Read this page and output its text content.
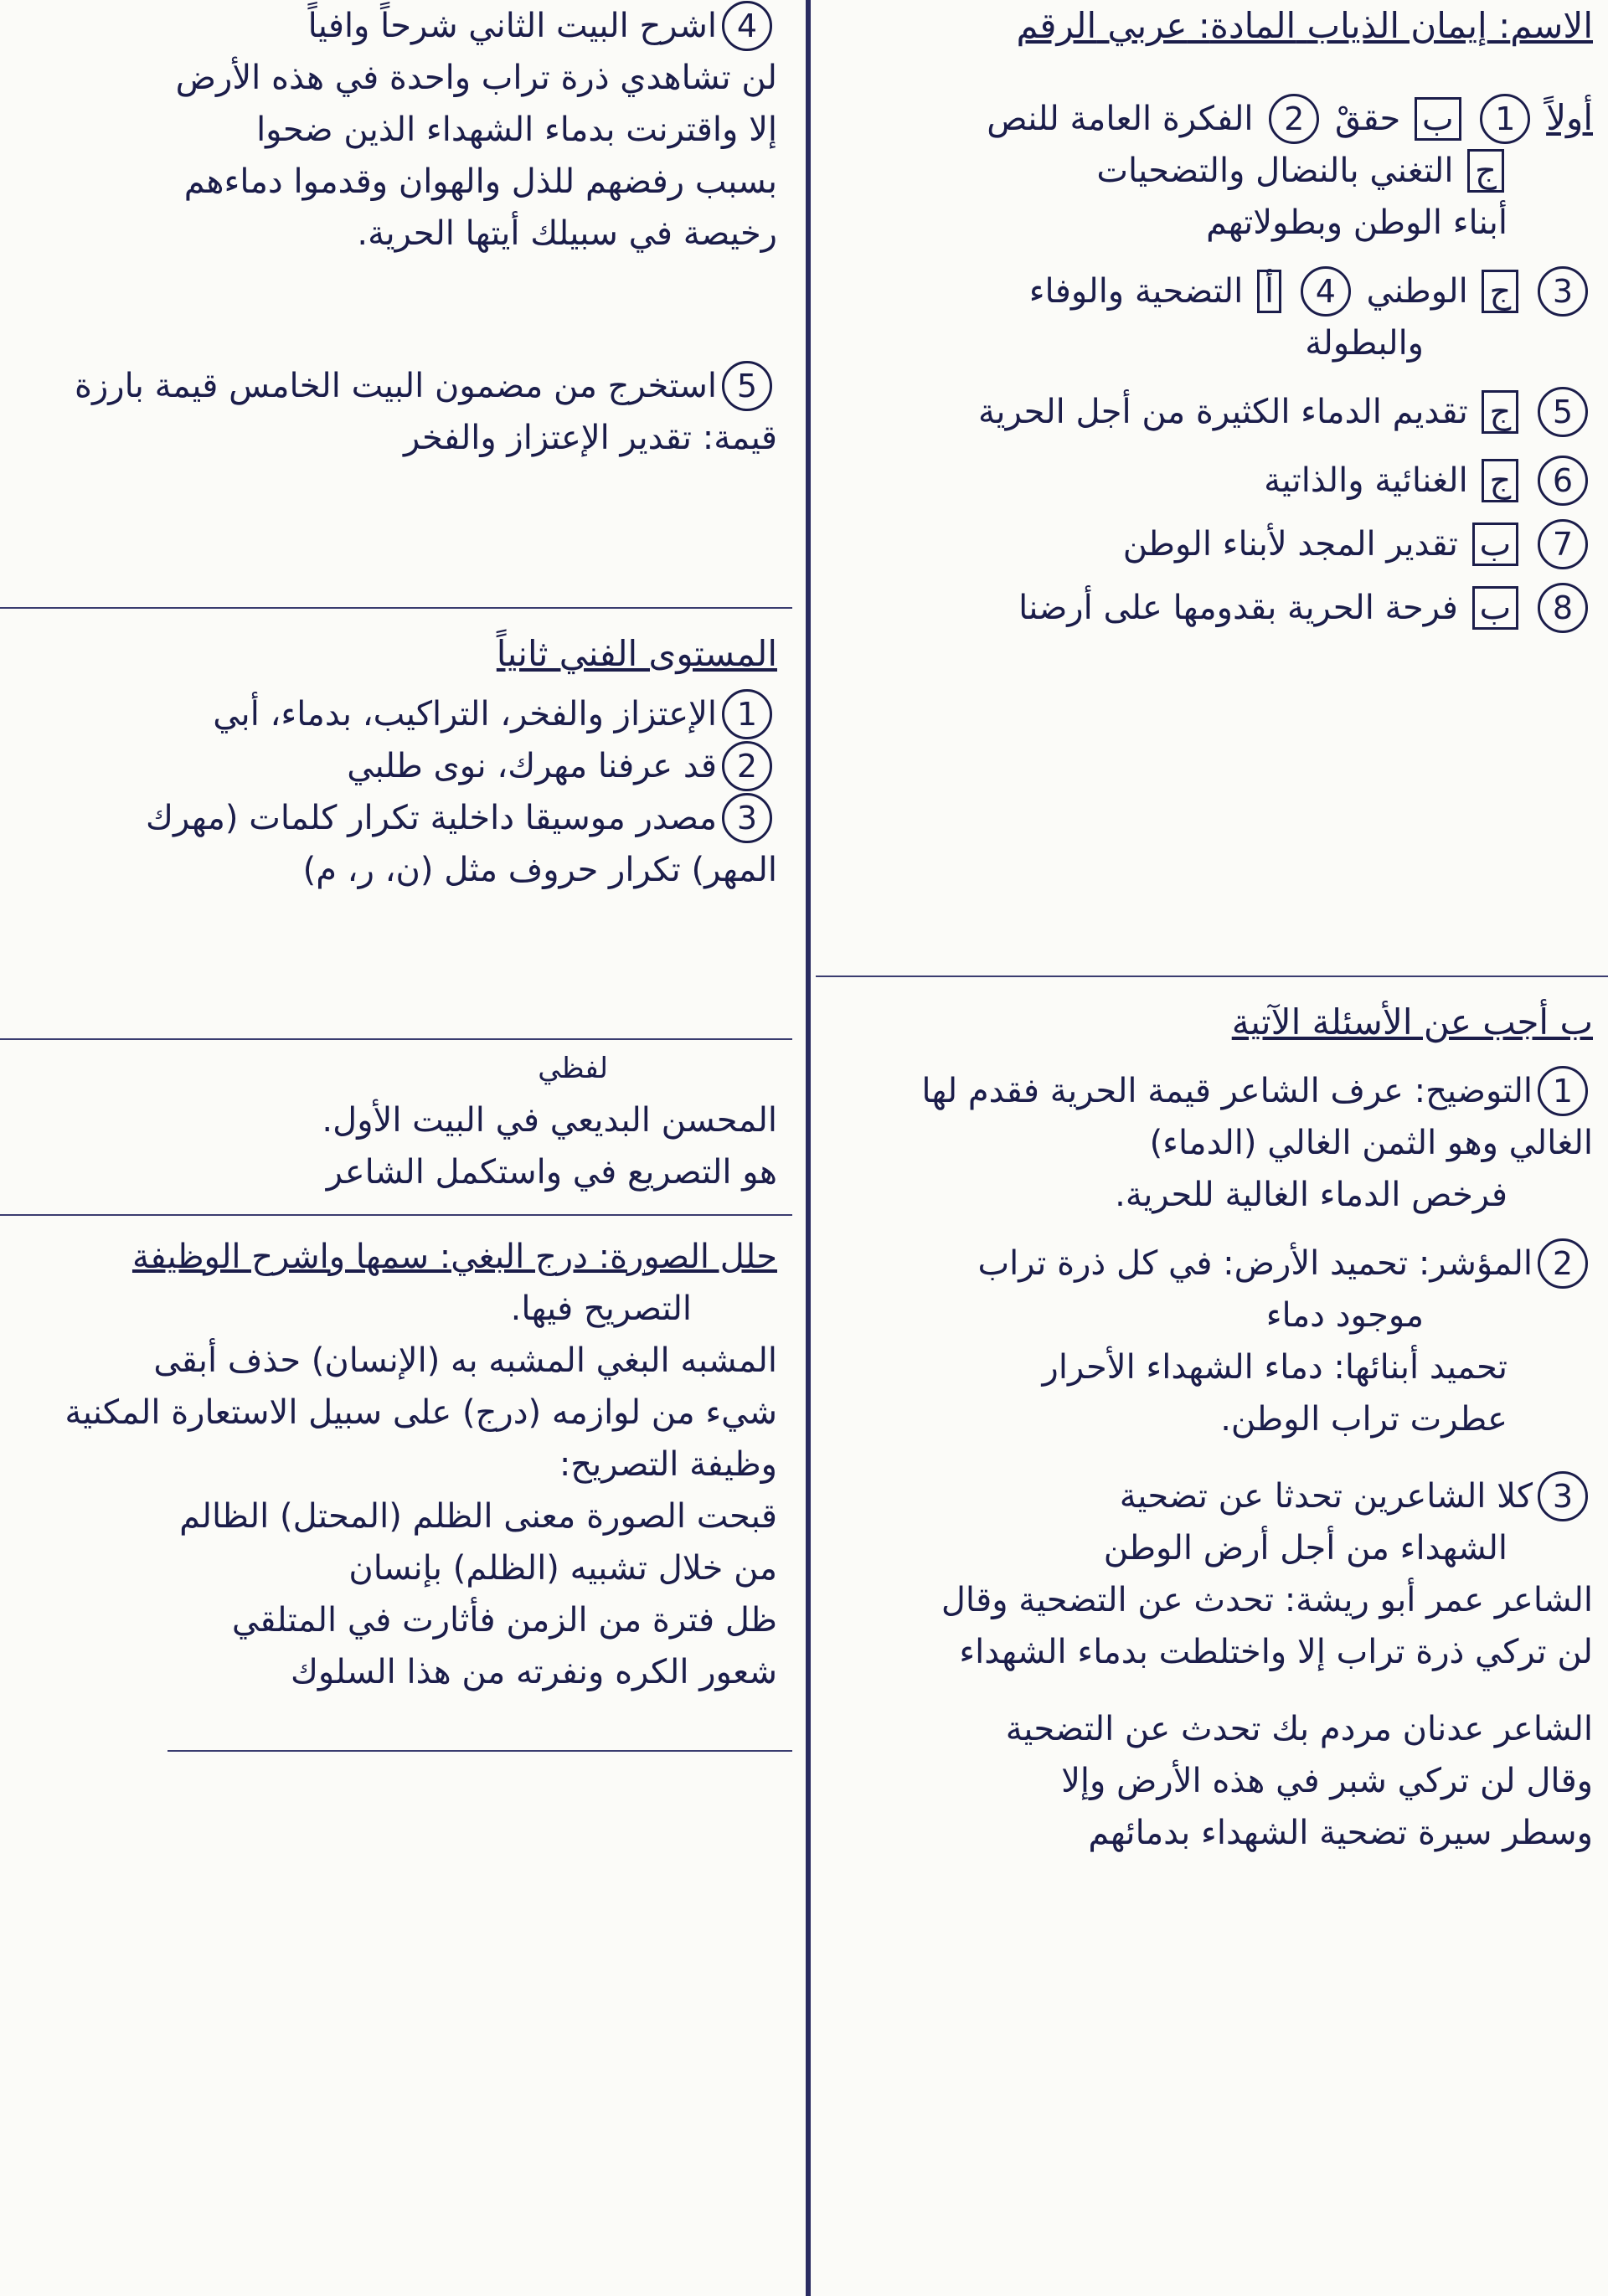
الاسم: إيمان الذياب المادة: عربي الرقم
أولاً 1 ب حققْ 2 الفكرة العامة للنص
ج التغني بالنضال والتضحيات
أبناء الوطن وبطولاتهم
3 ج الوطني 4 أ التضحية والوفاء
والبطولة
5 ج تقديم الدماء الكثيرة من أجل الحرية
6 ج الغنائية والذاتية
7 ب تقدير المجد لأبناء الوطن
8 ب فرحة الحرية بقدومها على أرضنا
ب أجب عن الأسئلة الآتية
1التوضيح: عرف الشاعر قيمة الحرية فقدم لها
الغالي وهو الثمن الغالي (الدماء)
فرخص الدماء الغالية للحرية.
2المؤشر: تحميد الأرض: في كل ذرة تراب
موجود دماء
تحميد أبنائها: دماء الشهداء الأحرار
عطرت تراب الوطن.
3كلا الشاعرين تحدثا عن تضحية
الشهداء من أجل أرض الوطن
الشاعر عمر أبو ريشة: تحدث عن التضحية وقال
لن تركي ذرة تراب إلا واختلطت بدماء الشهداء
الشاعر عدنان مردم بك تحدث عن التضحية
وقال لن تركي شبر في هذه الأرض وإلا
وسطر سيرة تضحية الشهداء بدمائهم
4اشرح البيت الثاني شرحاً وافياً
لن تشاهدي ذرة تراب واحدة في هذه الأرض
إلا واقترنت بدماء الشهداء الذين ضحوا
بسبب رفضهم للذل والهوان وقدموا دماءهم
رخيصة في سبيلك أيتها الحرية.
5استخرج من مضمون البيت الخامس قيمة بارزة
قيمة: تقدير الإعتزاز والفخر
المستوى الفني ثانياً
1الإعتزاز والفخر، التراكيب، بدماء، أبي
2قد عرفنا مهرك، نوى طلبي
3مصدر موسيقا داخلية تكرار كلمات (مهرك
المهر) تكرار حروف مثل (ن، ر، م)
لفظي
المحسن البديعي في البيت الأول.
هو التصريع في واستكمل الشاعر
حلل الصورة: درج البغي: سمها واشرح الوظيفة
التصريح فيها.
المشبه البغي المشبه به (الإنسان) حذف أبقى
شيء من لوازمه (درج) على سبيل الاستعارة المكنية
وظيفة التصريح:
قبحت الصورة معنى الظلم (المحتل) الظالم
من خلال تشبيه (الظلم) بإنسان
ظل فترة من الزمن فأثارت في المتلقي
شعور الكره ونفرته من هذا السلوك
